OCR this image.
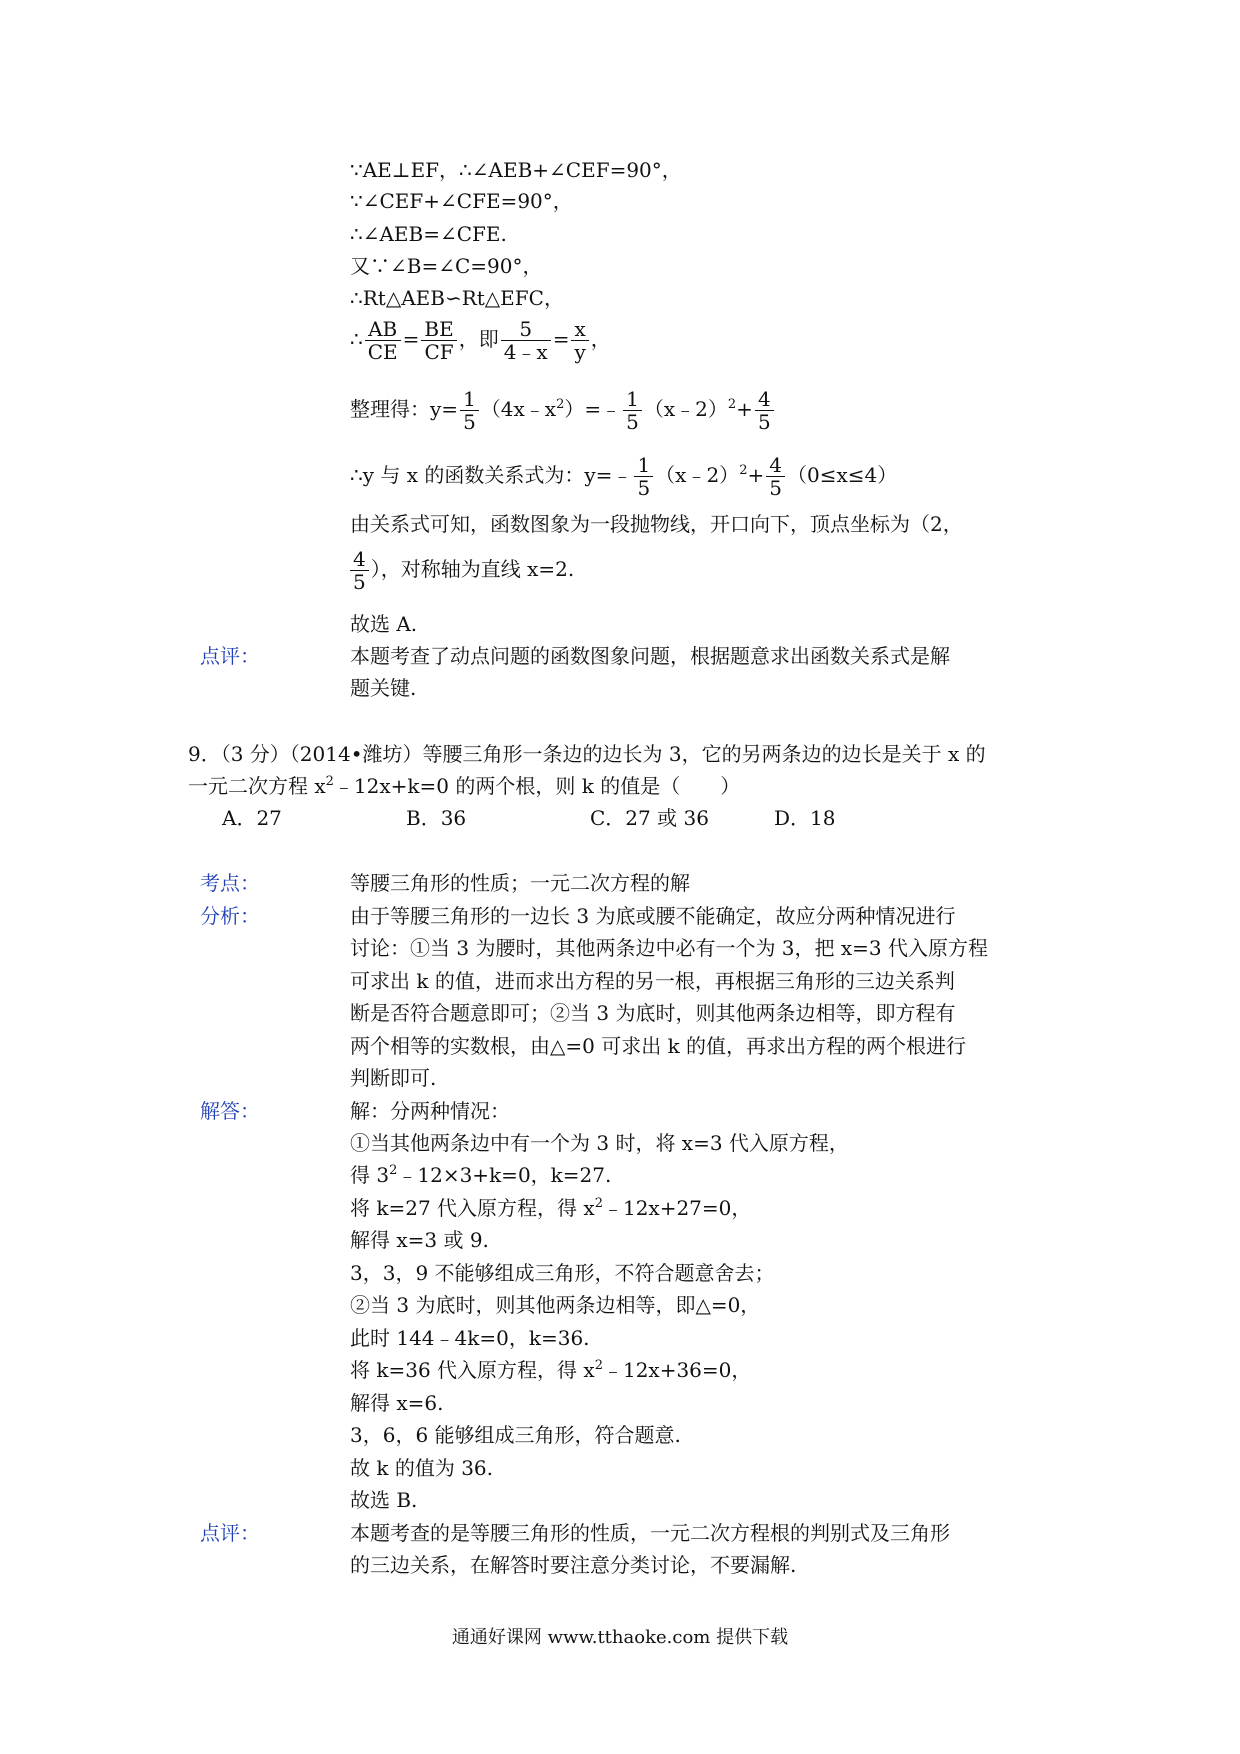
∵AE⊥EF，∴∠AEB+∠CEF=90°，
∵∠CEF+∠CFE=90°，
∴∠AEB=∠CFE.
又∵∠B=∠C=90°，
∴Rt△AEB∽Rt△EFC，
∴ $\frac{AB}{CE} = \frac{BE}{CF}$ ，即 $\frac{5}{4﹣x} = \frac{x}{y}$ ，
整理得：$y= \frac{1}{5}$ $(4x﹣x^2)=﹣ \frac{1}{5}$ （x﹣2）$^2$+ $\frac{4}{5}$
∴y 与 x 的函数关系式为：y=﹣ $\frac{1}{5}$ （x﹣2）$^2$+ $\frac{4}{5} (0\le x\le 4)$
由关系式可知，函数图象为一段抛物线，开口向下，顶点坐标为（2，
$\frac{4}{5}$ ），对称轴为直线 x=2.
故选 A.
点评：	本题考查了动点问题的函数图象问题，根据题意求出函数关系式是解
题关键.
9．（3 分）（2014•潍坊）等腰三角形一条边的边长为 3，它的另两条边的边长是关于 x 的
一元二次方程 $x^2﹣12x+k=0$ 的两个根，则 k 的值是（　　）
A．27	B．36	C．27 或 36	D．18
考点：	等腰三角形的性质；一元二次方程的解
分析：	由于等腰三角形的一边长 3 为底或腰不能确定，故应分两种情况进行
讨论：①当 3 为腰时，其他两条边中必有一个为 3，把 x=3 代入原方程
可求出 k 的值，进而求出方程的另一根，再根据三角形的三边关系判
断是否符合题意即可；②当 3 为底时，则其他两条边相等，即方程有
两个相等的实数根，由△=0 可求出 k 的值，再求出方程的两个根进行
判断即可.
解答：	解：分两种情况：
①当其他两条边中有一个为 3 时，将 x=3 代入原方程，
得 $3^2﹣12\times 3+k=0$，k=27.
将 k=27 代入原方程，得 $x^2﹣12x+27=0$，
解得 x=3 或 9.
3，3，9 不能够组成三角形，不符合题意舍去；
②当 3 为底时，则其他两条边相等，即△=0，
此时 144﹣4k=0，k=36.
将 k=36 代入原方程，得 $x^2﹣12x+36=0$，
解得 x=6.
3，6，6 能够组成三角形，符合题意.
故 k 的值为 36.
故选 B.
点评：	本题考查的是等腰三角形的性质，一元二次方程根的判别式及三角形
的三边关系，在解答时要注意分类讨论，不要漏解.
通通好课网 www.tthaoke.com 提供下载
